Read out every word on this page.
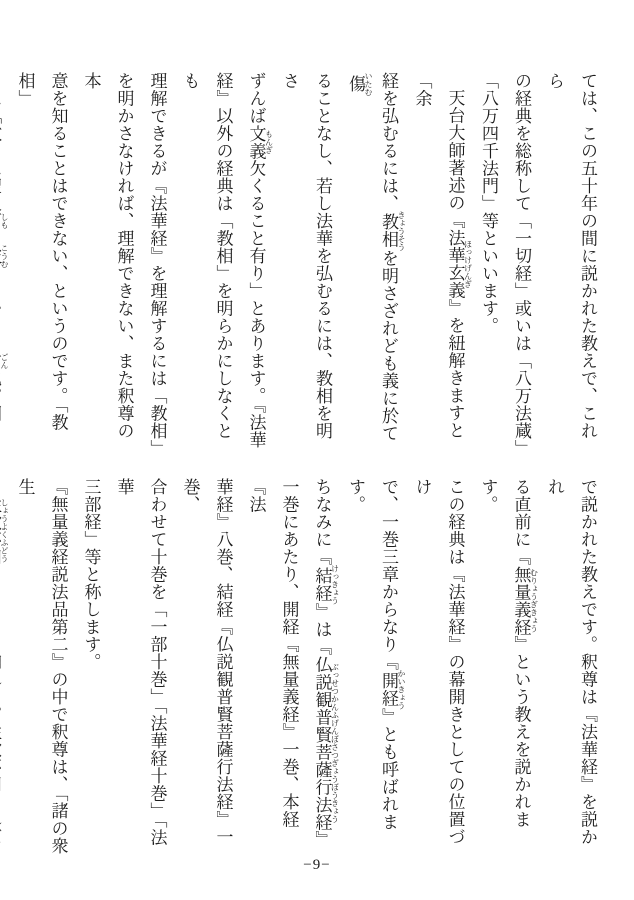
ては、この五十年の間に説かれた教えで、これら
の経典を総称して「一切経」或いは「八万法蔵」
「八万四千法門」等といいます。
天台大師著述の『法華玄義 ほっけげんぎ』を紐解きますと「余
経を弘むるには、教相 きょうそうを明さざれども義に於て傷 いたむ
ることなし、若し法華を弘むるには、教相を明さ
ずんば文義 もんぎ欠くること有り」とあります。『法華
経』以外の経典は「教相」を明らかにしなくとも
理解できるが『法華経』を理解するには「教相」
を明かさなければ、理解できない、また釈尊の本
意を知ることはできない、というのです。「教相」
しもこうむごん
で説かれた教えです。釈尊は『法華経』を説かれ
る直前に『無量義経 むりょうぎきょう』という教えを説かれます。
この経典は『法華経』の幕開きとしての位置づけ
で、一巻三章からなり『開経 かいきょう』とも呼ばれます。
ちなみに『結経 けっきょう』は『仏説観普賢菩薩行法経 ぶっせつかんふげんぼさつぎょうぼうきょう』
一巻にあたり、開経『無量義経』一巻、本経『法
華経』八巻、結経『仏説観普賢菩薩行法経』一巻、
合わせて十巻を「一部十巻」「法華経十巻」「法華
三部経」等と称します。
『無量義経説法品第二』の中で釈尊は、「諸の衆生
しょうよくふどう
−9−
